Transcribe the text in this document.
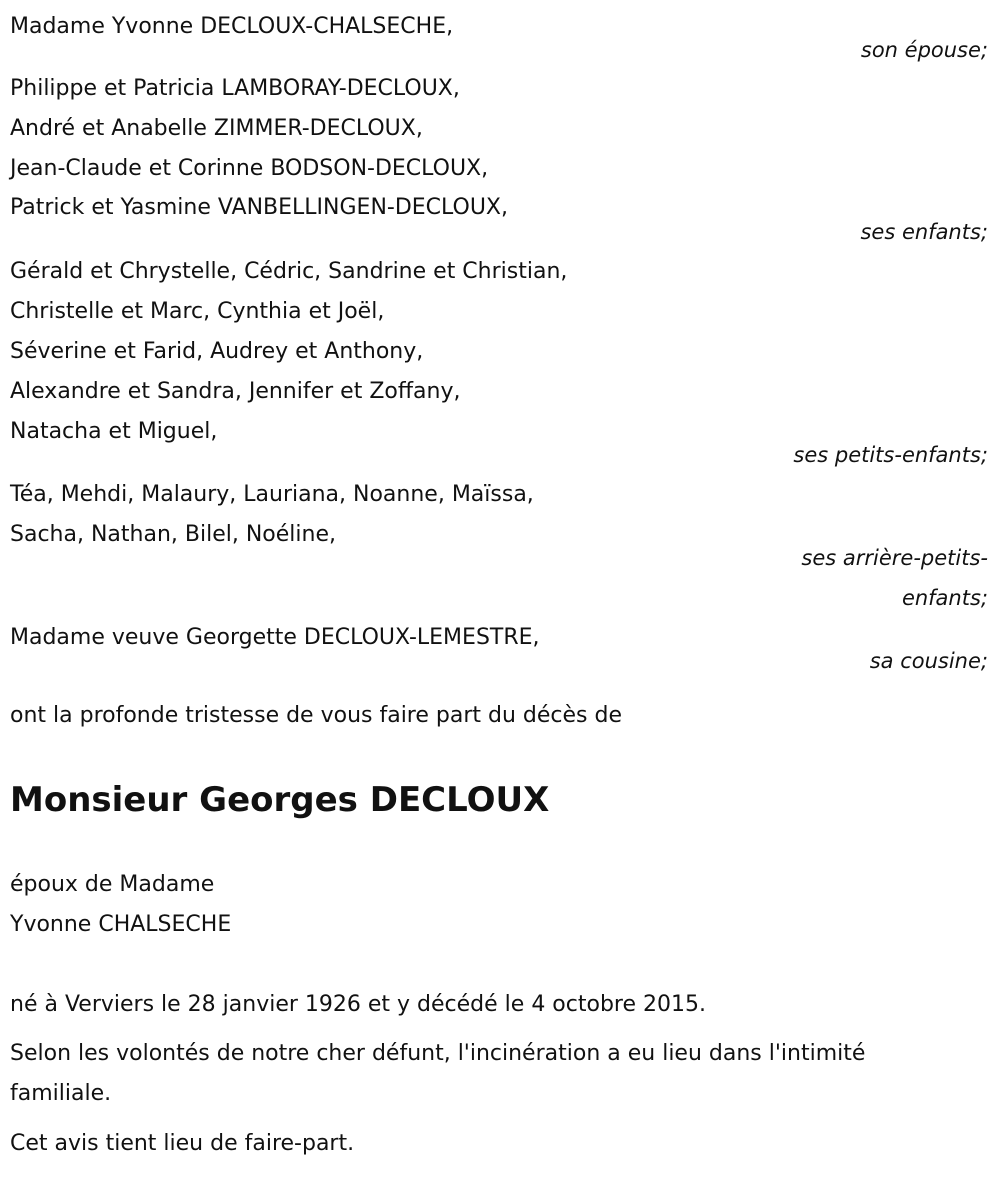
Madame Yvonne DECLOUX-CHALSECHE,
son épouse;
Philippe et Patricia LAMBORAY-DECLOUX,
André et Anabelle ZIMMER-DECLOUX,
Jean-Claude et Corinne BODSON-DECLOUX,
Patrick et Yasmine VANBELLINGEN-DECLOUX,
ses enfants;
Gérald et Chrystelle, Cédric, Sandrine et Christian,
Christelle et Marc, Cynthia et Joël,
Séverine et Farid, Audrey et Anthony,
Alexandre et Sandra, Jennifer et Zoffany,
Natacha et Miguel,
ses petits-enfants;
Téa, Mehdi, Malaury, Lauriana, Noanne, Maïssa,
Sacha, Nathan, Bilel, Noéline,
ses arrière-petits-
enfants;
Madame veuve Georgette DECLOUX-LEMESTRE,
sa cousine;
ont la profonde tristesse de vous faire part du décès de
Monsieur Georges DECLOUX
époux de Madame
Yvonne CHALSECHE
né à Verviers le 28 janvier 1926 et y décédé le 4 octobre 2015.
Selon les volontés de notre cher défunt, l'incinération a eu lieu dans l'intimité familiale.
Cet avis tient lieu de faire-part.
